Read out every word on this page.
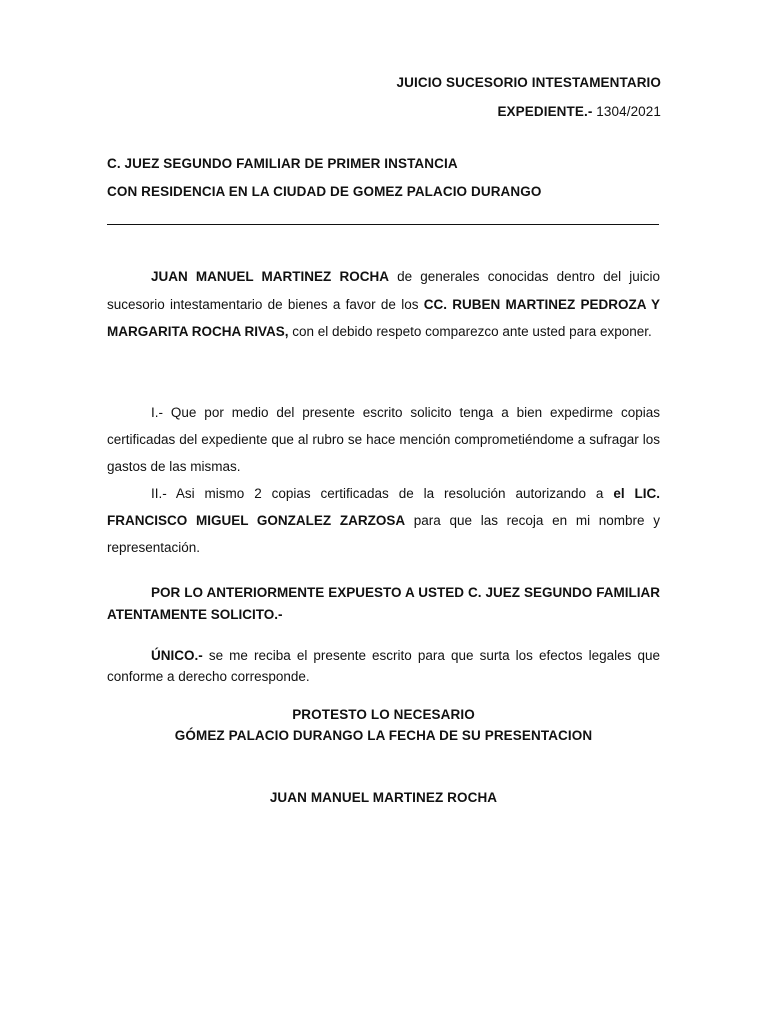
JUICIO SUCESORIO INTESTAMENTARIO
EXPEDIENTE.- 1304/2021
C. JUEZ SEGUNDO FAMILIAR DE PRIMER INSTANCIA
CON RESIDENCIA EN LA CIUDAD DE GOMEZ PALACIO DURANGO

JUAN MANUEL MARTINEZ ROCHA de generales conocidas dentro del juicio sucesorio intestamentario de bienes a favor de los CC. RUBEN MARTINEZ PEDROZA Y MARGARITA ROCHA RIVAS, con el debido respeto comparezco ante usted para exponer.

I.- Que por medio del presente escrito solicito tenga a bien expedirme copias certificadas del expediente que al rubro se hace mención comprometiéndome a sufragar los gastos de las mismas.

II.- Asi mismo 2 copias certificadas de la resolución autorizando a el LIC. FRANCISCO MIGUEL GONZALEZ ZARZOSA para que las recoja en mi nombre y representación.

POR LO ANTERIORMENTE EXPUESTO A USTED C. JUEZ SEGUNDO FAMILIAR ATENTAMENTE SOLICITO.-

ÚNICO.- se me reciba el presente escrito para que surta los efectos legales que conforme a derecho corresponde.

PROTESTO LO NECESARIO
GÓMEZ PALACIO DURANGO LA FECHA DE SU PRESENTACION
JUAN MANUEL MARTINEZ ROCHA
